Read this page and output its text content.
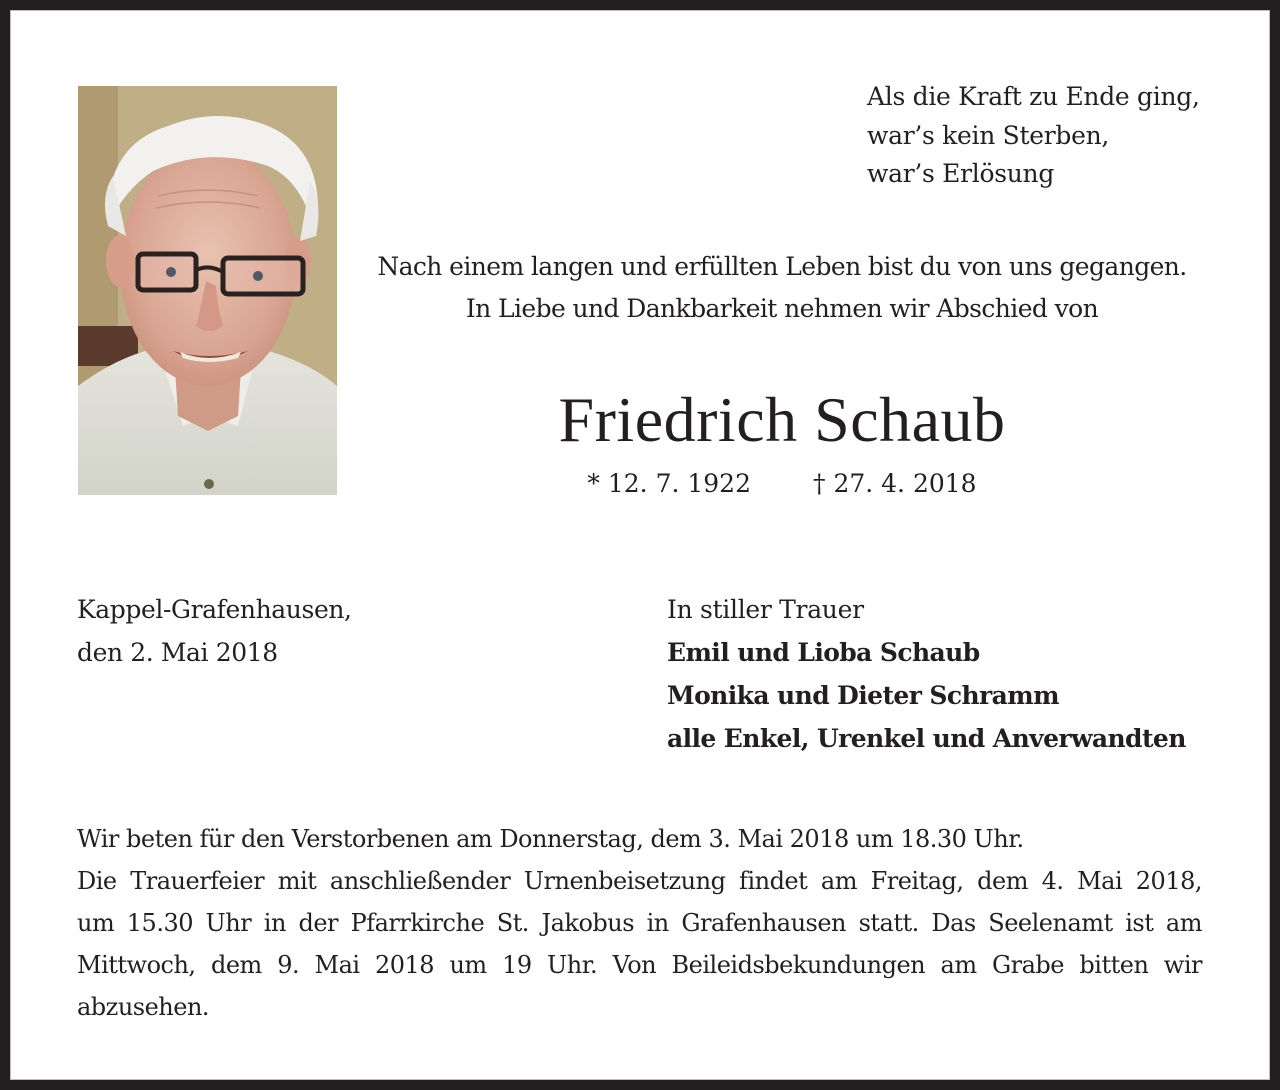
Als die Kraft zu Ende ging,
war’s kein Sterben,
war’s Erlösung
Nach einem langen und erfüllten Leben bist du von uns gegangen.
In Liebe und Dankbarkeit nehmen wir Abschied von
Friedrich Schaub
* 12. 7. 1922 † 27. 4. 2018
Kappel-Grafenhausen,
den 2. Mai 2018
In stiller Trauer
Emil und Lioba Schaub
Monika und Dieter Schramm
alle Enkel, Urenkel und Anverwandten
Wir beten für den Verstorbenen am Donnerstag, dem 3. Mai 2018 um 18.30 Uhr.
Die Trauerfeier mit anschließender Urnenbeisetzung findet am Freitag, dem 4. Mai 2018,
um 15.30 Uhr in der Pfarrkirche St. Jakobus in Grafenhausen statt. Das Seelenamt ist am
Mittwoch, dem 9. Mai 2018 um 19 Uhr. Von Beileidsbekundungen am Grabe bitten wir
abzusehen.
